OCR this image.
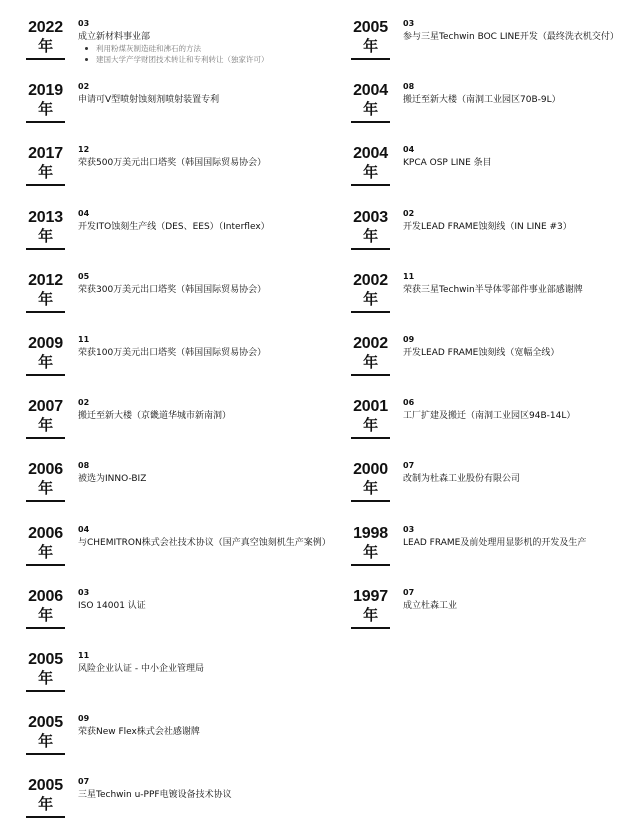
2022
年
03
成立新材料事业部
利用粉煤灰制造硅和沸石的方法
建国大学产学财团技术转让和专利转让（独家许可）
2019
年
02
申请可V型喷射蚀刻剂喷射装置专利
2017
年
12
荣获500万美元出口塔奖（韩国国际贸易协会）
2013
年
04
开发ITO蚀刻生产线（DES、EES）（Interflex）
2012
年
05
荣获300万美元出口塔奖（韩国国际贸易协会）
2009
年
11
荣获100万美元出口塔奖（韩国国际贸易协会）
2007
年
02
搬迁至新大楼（京畿道华城市新南洞）
2006
年
08
被选为INNO-BIZ
2006
年
04
与CHEMITRON株式会社技术协议（国产真空蚀刻机生产案例）
2006
年
03
ISO 14001 认证
2005
年
11
风险企业认证 - 中小企业管理局
2005
年
09
荣获New Flex株式会社感谢牌
2005
年
07
三星Techwin u-PPF电镀设备技术协议
2005
年
03
参与三星Techwin BOC LINE开发（最终洗衣机交付）
2004
年
08
搬迁至新大楼（南洞工业园区70B-9L）
2004
年
04
KPCA OSP LINE 条目
2003
年
02
开发LEAD FRAME蚀刻线（IN LINE #3）
2002
年
11
荣获三星Techwin半导体零部件事业部感谢牌
2002
年
09
开发LEAD FRAME蚀刻线（宽幅全线）
2001
年
06
工厂扩建及搬迁（南洞工业园区94B-14L）
2000
年
07
改制为杜森工业股份有限公司
1998
年
03
LEAD FRAME及前处理用显影机的开发及生产
1997
年
07
成立杜森工业
